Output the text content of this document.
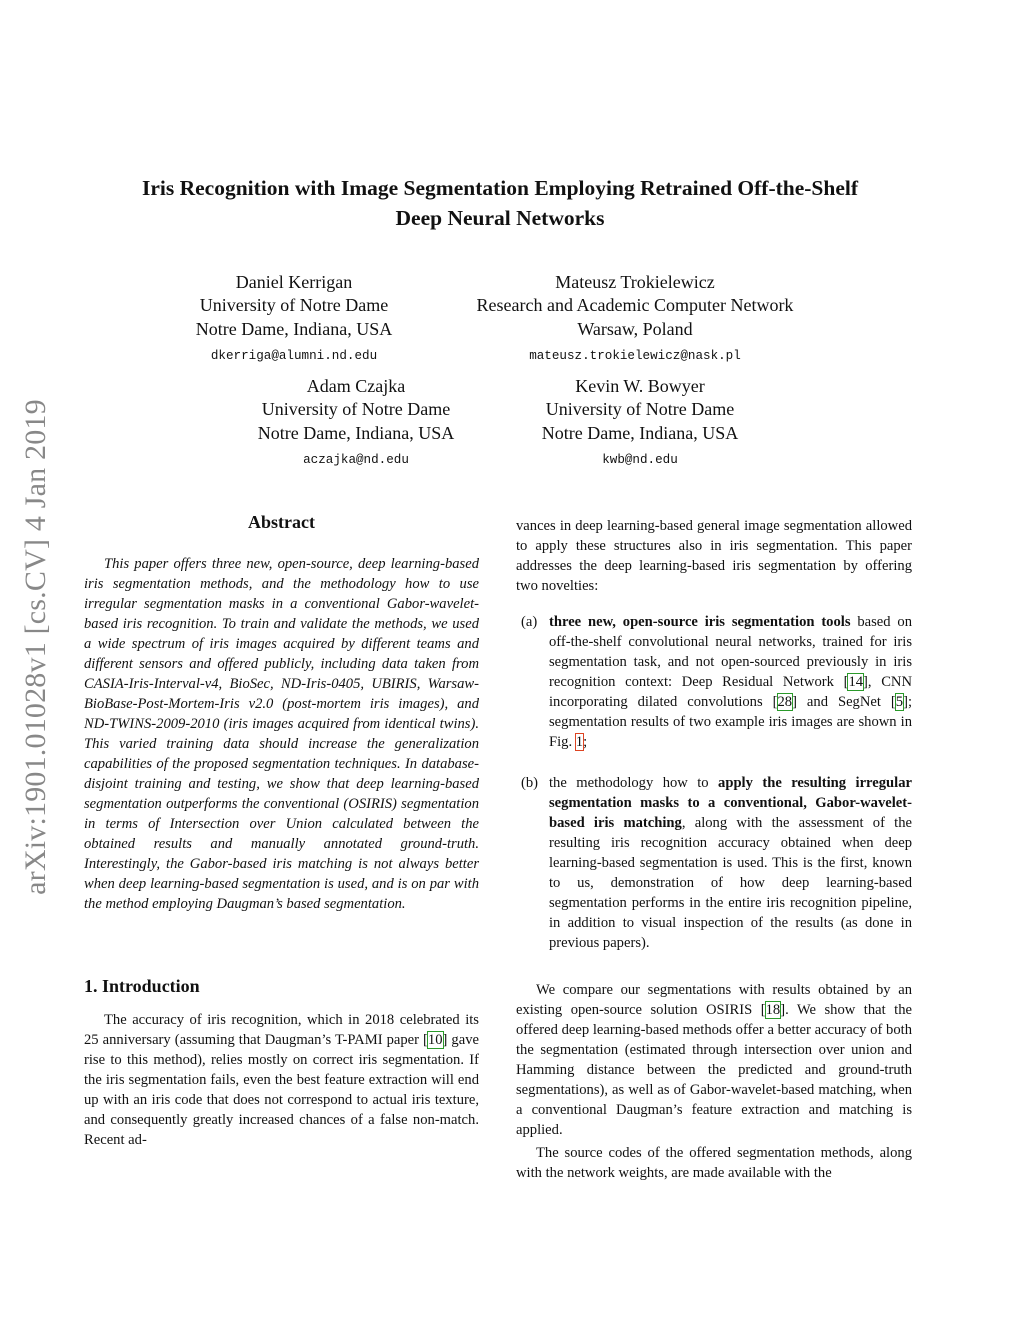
arXiv:1901.01028v1 [cs.CV] 4 Jan 2019
Iris Recognition with Image Segmentation Employing Retrained Off-the-Shelf
Deep Neural Networks
Daniel Kerrigan
University of Notre Dame
Notre Dame, Indiana, USA
dkerriga@alumni.nd.edu
Mateusz Trokielewicz
Research and Academic Computer Network
Warsaw, Poland
mateusz.trokielewicz@nask.pl
Adam Czajka
University of Notre Dame
Notre Dame, Indiana, USA
aczajka@nd.edu
Kevin W. Bowyer
University of Notre Dame
Notre Dame, Indiana, USA
kwb@nd.edu
Abstract

This paper offers three new, open-source, deep learning-based iris segmentation methods, and the methodology how to use irregular segmentation masks in a conventional Gabor-wavelet-based iris recognition. To train and validate the methods, we used a wide spectrum of iris images acquired by different teams and different sensors and offered publicly, including data taken from CASIA-Iris-Interval-v4, BioSec, ND-Iris-0405, UBIRIS, Warsaw-BioBase-Post-Mortem-Iris v2.0 (post-mortem iris images), and ND-TWINS-2009-2010 (iris images acquired from identical twins). This varied training data should increase the generalization capabilities of the proposed segmentation techniques. In database-disjoint training and testing, we show that deep learning-based segmentation outperforms the conventional (OSIRIS) segmentation in terms of Intersection over Union calculated between the obtained results and manually annotated ground-truth. Interestingly, the Gabor-based iris matching is not always better when deep learning-based segmentation is used, and is on par with the method employing Daugman’s based segmentation.

1. Introduction

The accuracy of iris recognition, which in 2018 celebrated its 25 anniversary (assuming that Daugman’s T-PAMI paper [10] gave rise to this method), relies mostly on correct iris segmentation. If the iris segmentation fails, even the best feature extraction will end up with an iris code that does not correspond to actual iris texture, and consequently greatly increased chances of a false non-match. Recent ad-

vances in deep learning-based general image segmentation allowed to apply these structures also in iris segmentation. This paper addresses the deep learning-based iris segmentation by offering two novelties:

(a) three new, open-source iris segmentation tools based on off-the-shelf convolutional neural networks, trained for iris segmentation task, and not open-sourced previously in iris recognition context: Deep Residual Network [14], CNN incorporating dilated convolutions [28] and SegNet [5]; segmentation results of two example iris images are shown in Fig. 1;

(b) the methodology how to apply the resulting irregular segmentation masks to a conventional, Gabor-wavelet-based iris matching, along with the assessment of the resulting iris recognition accuracy obtained when deep learning-based segmentation is used. This is the first, known to us, demonstration of how deep learning-based segmentation performs in the entire iris recognition pipeline, in addition to visual inspection of the results (as done in previous papers).

We compare our segmentations with results obtained by an existing open-source solution OSIRIS [18]. We show that the offered deep learning-based methods offer a better accuracy of both the segmentation (estimated through intersection over union and Hamming distance between the predicted and ground-truth segmentations), as well as of Gabor-wavelet-based matching, when a conventional Daugman’s feature extraction and matching is applied.

The source codes of the offered segmentation methods, along with the network weights, are made available with the
